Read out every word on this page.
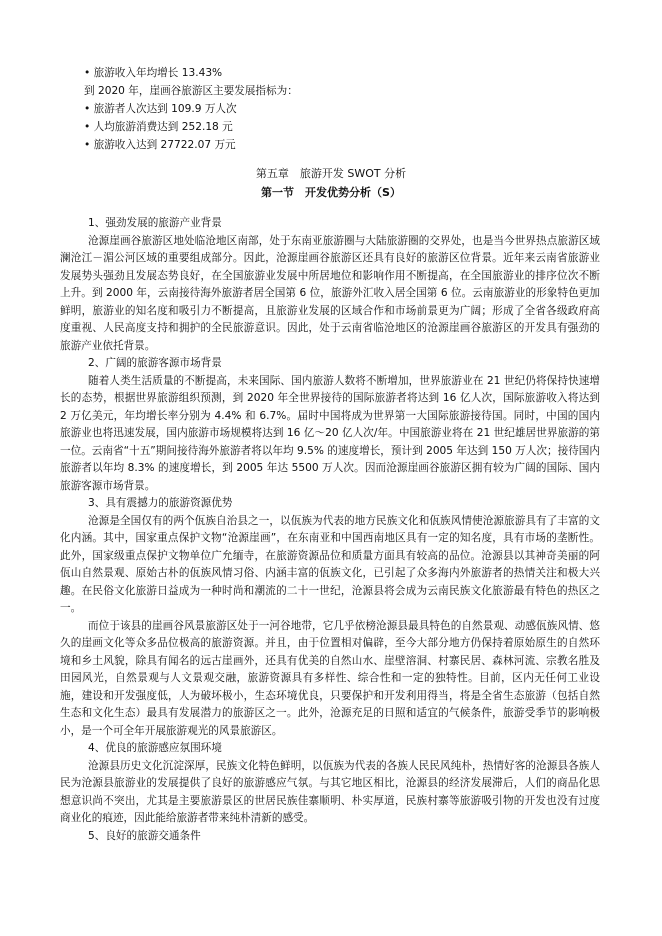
• 旅游收入年均增长 13.43%
到 2020 年，崖画谷旅游区主要发展指标为：
• 旅游者人次达到 109.9 万人次
• 人均旅游消费达到 252.18 元
• 旅游收入达到 27722.07 万元
第五章　旅游开发 SWOT 分析
第一节　开发优势分析（S）
1、强劲发展的旅游产业背景

沧源崖画谷旅游区地处临沧地区南部，处于东南亚旅游圈与大陆旅游圈的交界处，也是当今世界热点旅游区域澜沧江－湄公河区域的重要组成部分。因此，沧源崖画谷旅游区还具有良好的旅游区位背景。近年来云南省旅游业发展势头强劲且发展态势良好，在全国旅游业发展中所居地位和影响作用不断提高，在全国旅游业的排序位次不断上升。到 2000 年，云南接待海外旅游者居全国第 6 位，旅游外汇收入居全国第 6 位。云南旅游业的形象特色更加鲜明，旅游业的知名度和吸引力不断提高，且旅游业发展的区域合作和市场前景更为广阔；形成了全省各级政府高度重视、人民高度支持和拥护的全民旅游意识。因此，处于云南省临沧地区的沧源崖画谷旅游区的开发具有强劲的旅游产业依托背景。

2、广阔的旅游客源市场背景

随着人类生活质量的不断提高，未来国际、国内旅游人数将不断增加，世界旅游业在 21 世纪仍将保持快速增长的态势，根据世界旅游组织预测，到 2020 年全世界接待的国际旅游者将达到 16 亿人次，国际旅游收入将达到 2 万亿美元，年均增长率分别为 4.4% 和 6.7%。届时中国将成为世界第一大国际旅游接待国。同时，中国的国内旅游业也将迅速发展，国内旅游市场规模将达到 16 亿～20 亿人次/年。中国旅游业将在 21 世纪雄居世界旅游的第一位。云南省“十五”期间接待海外旅游者将以年均 9.5% 的速度增长，预计到 2005 年达到 150 万人次；接待国内旅游者以年均 8.3% 的速度增长，到 2005 年达 5500 万人次。因而沧源崖画谷旅游区拥有较为广阔的国际、国内旅游客源市场背景。

3、具有震撼力的旅游资源优势

沧源是全国仅有的两个佤族自治县之一，以佤族为代表的地方民族文化和佤族风情使沧源旅游具有了丰富的文化内涵。其中，国家重点保护文物“沧源崖画”，在东南亚和中国西南地区具有一定的知名度，具有市场的垄断性。此外，国家级重点保护文物单位广允缅寺，在旅游资源品位和质量方面具有较高的品位。沧源县以其神奇美丽的阿佤山自然景观、原始古朴的佤族风情习俗、内涵丰富的佤族文化，已引起了众多海内外旅游者的热情关注和极大兴趣。在民俗文化旅游日益成为一种时尚和潮流的二十一世纪，沧源县将会成为云南民族文化旅游最有特色的热区之一。

而位于该县的崖画谷风景旅游区处于一河谷地带，它几乎依榜沧源县最具特色的自然景观、动感佤族风情、悠久的崖画文化等众多品位极高的旅游资源。并且，由于位置相对偏辟，至今大部分地方仍保持着原始原生的自然环境和乡土风貌，除具有闻名的远古崖画外，还具有优美的自然山水、崖壁溶洞、村寨民居、森林河流、宗教名胜及田园风光，自然景观与人文景观交融，旅游资源具有多样性、综合性和一定的独特性。目前，区内无任何工业设施，建设和开发强度低，人为破坏极小，生态环境优良，只要保护和开发利用得当，将是全省生态旅游（包括自然生态和文化生态）最具有发展潜力的旅游区之一。此外，沧源充足的日照和适宜的气候条件，旅游受季节的影响极小，是一个可全年开展旅游观光的风景旅游区。

4、优良的旅游感应氛围环境

沧源县历史文化沉淀深厚，民族文化特色鲜明，以佤族为代表的各族人民民风纯朴，热情好客的沧源县各族人民为沧源县旅游业的发展提供了良好的旅游感应气氛。与其它地区相比，沧源县的经济发展滞后，人们的商品化思想意识尚不突出，尤其是主要旅游景区的世居民族佳寨顺明、朴实厚道，民族村寨等旅游吸引物的开发也没有过度商业化的痕迹，因此能给旅游者带来纯朴清新的感受。

5、良好的旅游交通条件
